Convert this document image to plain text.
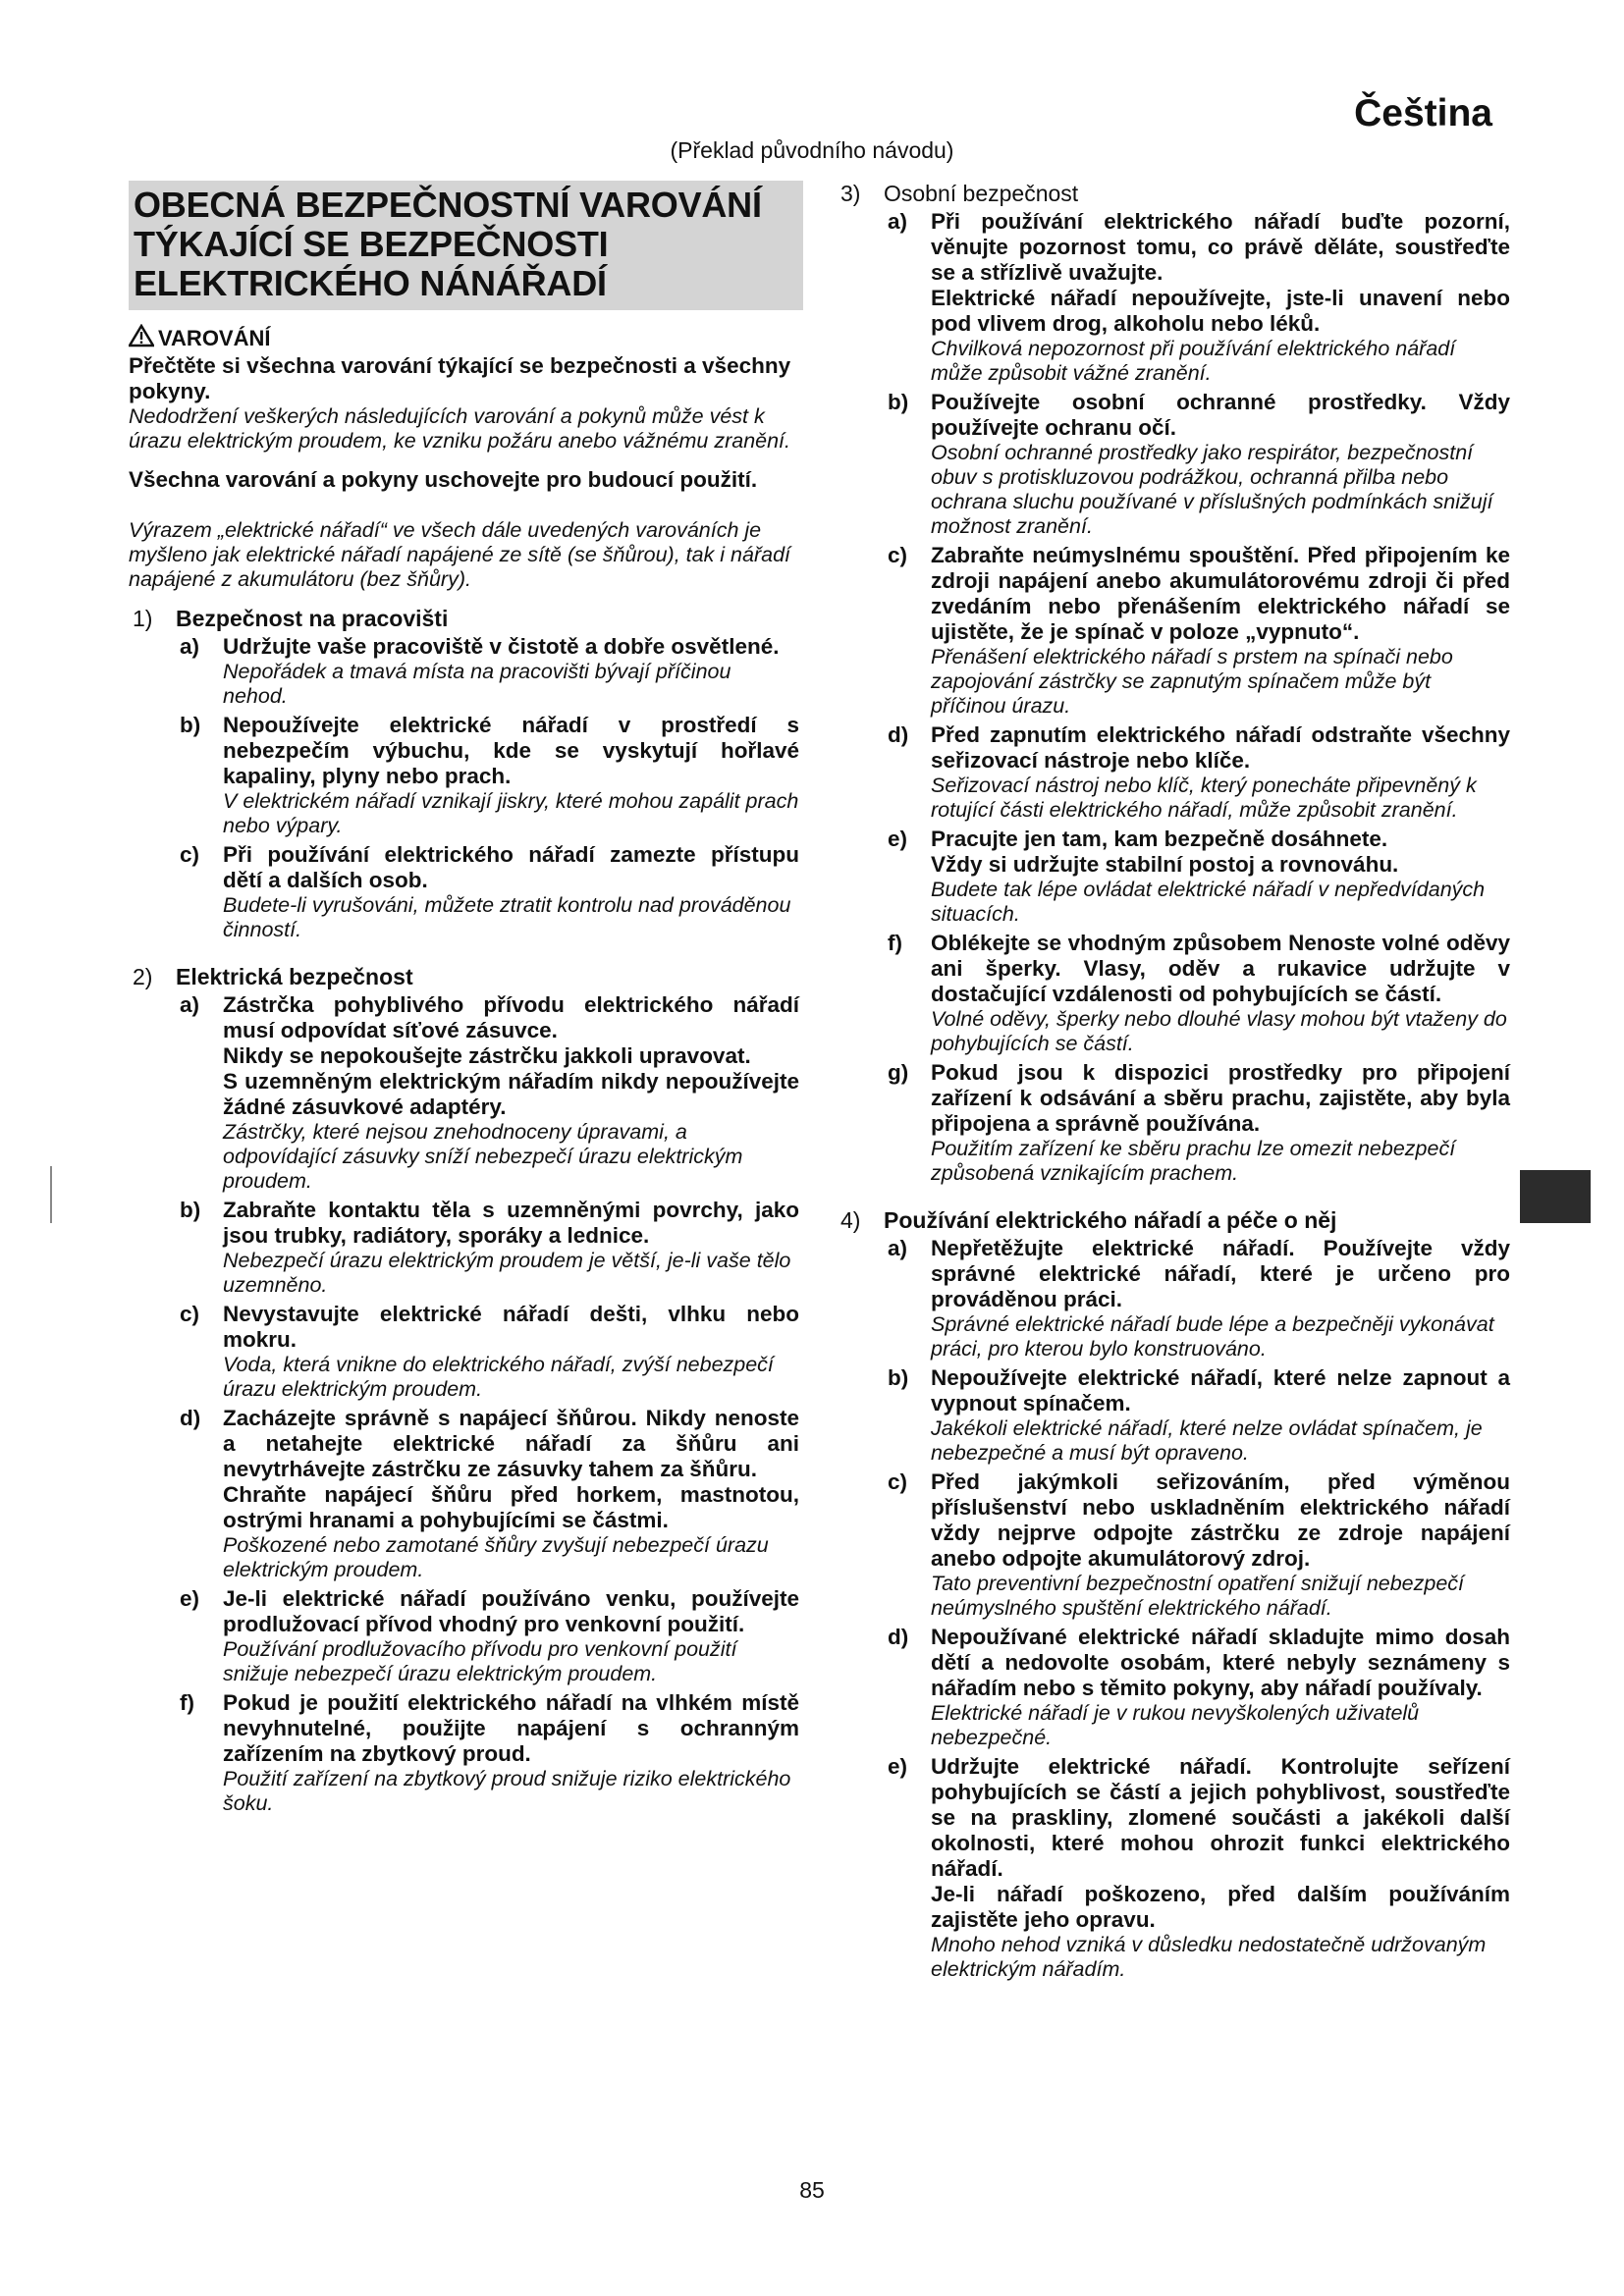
Čeština
(Překlad původního návodu)
OBECNÁ BEZPEČNOSTNÍ VAROVÁNÍ
TÝKAJÍCÍ SE BEZPEČNOSTI
ELEKTRICKÉHO NÁNÁŘADÍ
VAROVÁNÍ
Přečtěte si všechna varování týkající se bezpečnosti a všechny pokyny.
Nedodržení veškerých následujících varování a pokynů může vést k úrazu elektrickým proudem, ke vzniku požáru anebo vážnému zranění.
Všechna varování a pokyny uschovejte pro budoucí použití.
Výrazem „elektrické nářadí“ ve všech dále uvedených varováních je myšleno jak elektrické nářadí napájené ze sítě (se šňůrou), tak i nářadí napájené z akumulátoru (bez šňůry).
1) Bezpečnost na pracovišti
a)	Udržujte vaše pracoviště v čistotě a dobře osvětlené.
Nepořádek a tmavá místa na pracovišti bývají příčinou nehod.
b)	Nepoužívejte elektrické nářadí v prostředí s nebezpečím výbuchu, kde se vyskytují hořlavé kapaliny, plyny nebo prach.
V elektrickém nářadí vznikají jiskry, které mohou zapálit prach nebo výpary.
c)	Při používání elektrického nářadí zamezte přístupu dětí a dalších osob.
Budete-li vyrušováni, můžete ztratit kontrolu nad prováděnou činností.
2) Elektrická bezpečnost
a)	Zástrčka pohyblivého přívodu elektrického nářadí musí odpovídat síťové zásuvce.
Nikdy se nepokoušejte zástrčku jakkoli upravovat.
S uzemněným elektrickým nářadím nikdy nepoužívejte žádné zásuvkové adaptéry.
Zástrčky, které nejsou znehodnoceny úpravami, a odpovídající zásuvky sníží nebezpečí úrazu elektrickým proudem.
b)	Zabraňte kontaktu těla s uzemněnými povrchy, jako jsou trubky, radiátory, sporáky a lednice.
Nebezpečí úrazu elektrickým proudem je větší, je-li vaše tělo uzemněno.
c)	Nevystavujte elektrické nářadí dešti, vlhku nebo mokru.
Voda, která vnikne do elektrického nářadí, zvýší nebezpečí úrazu elektrickým proudem.
d)	Zacházejte správně s napájecí šňůrou. Nikdy nenoste a netahejte elektrické nářadí za šňůru ani nevytrhávejte zástrčku ze zásuvky tahem za šňůru.
Chraňte napájecí šňůru před horkem, mastnotou, ostrými hranami a pohybujícími se částmi.
Poškozené nebo zamotané šňůry zvyšují nebezpečí úrazu elektrickým proudem.
e)	Je-li elektrické nářadí používáno venku, používejte prodlužovací přívod vhodný pro venkovní použití.
Používání prodlužovacího přívodu pro venkovní použití snižuje nebezpečí úrazu elektrickým proudem.
f)	Pokud je použití elektrického nářadí na vlhkém místě nevyhnutelné, použijte napájení s ochranným zařízením na zbytkový proud.
Použití zařízení na zbytkový proud snižuje riziko elektrického šoku.
3) Osobní bezpečnost
a)	Při používání elektrického nářadí buďte pozorní, věnujte pozornost tomu, co právě děláte, soustřeďte se a střízlivě uvažujte.
Elektrické nářadí nepoužívejte, jste-li unavení nebo pod vlivem drog, alkoholu nebo léků.
Chvilková nepozornost při používání elektrického nářadí může způsobit vážné zranění.
b)	Používejte osobní ochranné prostředky. Vždy používejte ochranu očí.
Osobní ochranné prostředky jako respirátor, bezpečnostní obuv s protiskluzovou podrážkou, ochranná přilba nebo ochrana sluchu používané v příslušných podmínkách snižují možnost zranění.
c)	Zabraňte neúmyslnému spouštění. Před připojením ke zdroji napájení anebo akumulátorovému zdroji či před zvedáním nebo přenášením elektrického nářadí se ujistěte, že je spínač v poloze „vypnuto“.
Přenášení elektrického nářadí s prstem na spínači nebo zapojování zástrčky se zapnutým spínačem může být příčinou úrazu.
d)	Před zapnutím elektrického nářadí odstraňte všechny seřizovací nástroje nebo klíče.
Seřizovací nástroj nebo klíč, který ponecháte připevněný k rotující části elektrického nářadí, může způsobit zranění.
e)	Pracujte jen tam, kam bezpečně dosáhnete.
Vždy si udržujte stabilní postoj a rovnováhu.
Budete tak lépe ovládat elektrické nářadí v nepředvídaných situacích.
f)	Oblékejte se vhodným způsobem Nenoste volné oděvy ani šperky. Vlasy, oděv a rukavice udržujte v dostačující vzdálenosti od pohybujících se částí.
Volné oděvy, šperky nebo dlouhé vlasy mohou být vtaženy do pohybujících se částí.
g)	Pokud jsou k dispozici prostředky pro připojení zařízení k odsávání a sběru prachu, zajistěte, aby byla připojena a správně používána.
Použitím zařízení ke sběru prachu lze omezit nebezpečí způsobená vznikajícím prachem.
4) Používání elektrického nářadí a péče o něj
a)	Nepřetěžujte elektrické nářadí. Používejte vždy správné elektrické nářadí, které je určeno pro prováděnou práci.
Správné elektrické nářadí bude lépe a bezpečněji vykonávat práci, pro kterou bylo konstruováno.
b)	Nepoužívejte elektrické nářadí, které nelze zapnout a vypnout spínačem.
Jakékoli elektrické nářadí, které nelze ovládat spínačem, je nebezpečné a musí být opraveno.
c)	Před jakýmkoli seřizováním, před výměnou příslušenství nebo uskladněním elektrického nářadí vždy nejprve odpojte zástrčku ze zdroje napájení anebo odpojte akumulátorový zdroj.
Tato preventivní bezpečnostní opatření snižují nebezpečí neúmyslného spuštění elektrického nářadí.
d)	Nepoužívané elektrické nářadí skladujte mimo dosah dětí a nedovolte osobám, které nebyly seznámeny s nářadím nebo s těmito pokyny, aby nářadí používaly.
Elektrické nářadí je v rukou nevyškolených uživatelů nebezpečné.
e)	Udržujte elektrické nářadí. Kontrolujte seřízení pohybujících se částí a jejich pohyblivost, soustřeďte se na praskliny, zlomené součásti a jakékoli další okolnosti, které mohou ohrozit funkci elektrického nářadí.
Je-li nářadí poškozeno, před dalším používáním zajistěte jeho opravu.
Mnoho nehod vzniká v důsledku nedostatečně udržovaným elektrickým nářadím.
85
